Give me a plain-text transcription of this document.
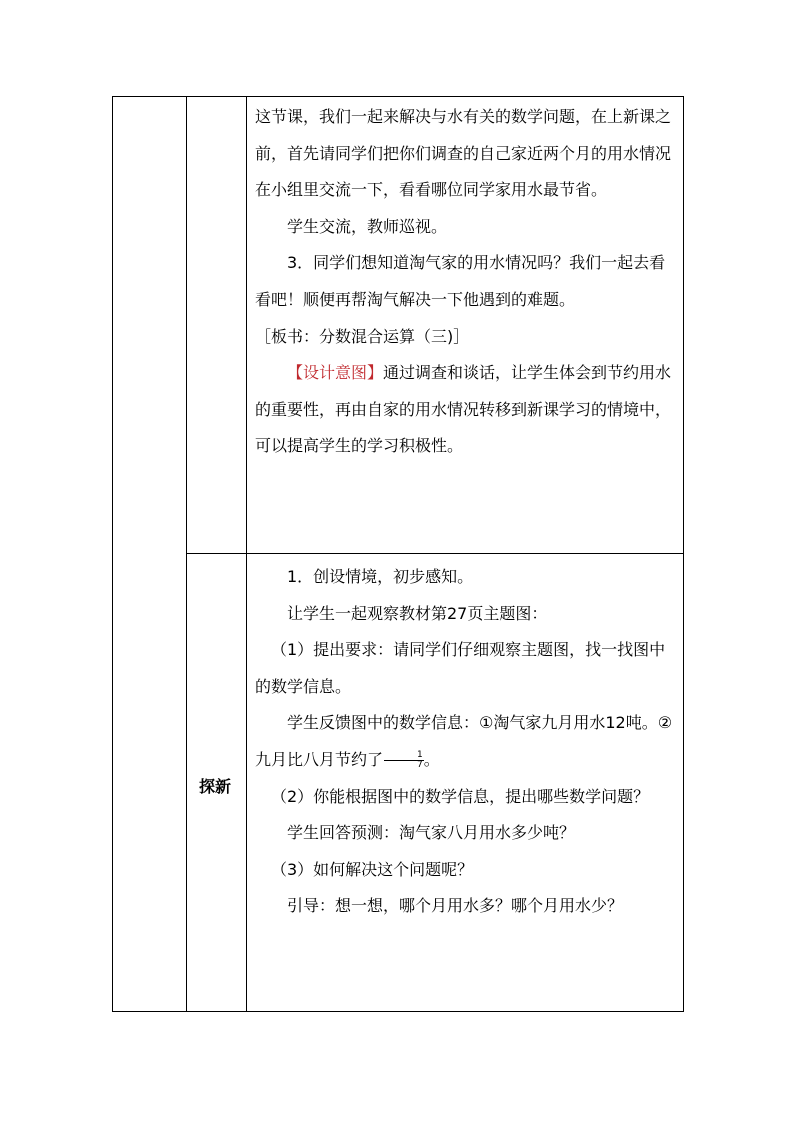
探新

这节课，我们一起来解决与水有关的数学问题，在上新课之前，首先请同学们把你们调查的自己家近两个月的用水情况在小组里交流一下，看看哪位同学家用水最节省。

学生交流，教师巡视。

3．同学们想知道淘气家的用水情况吗？我们一起去看看吧！顺便再帮淘气解决一下他遇到的难题。

［板书：分数混合运算（三)］

【设计意图】通过调查和谈话，让学生体会到节约用水的重要性，再由自家的用水情况转移到新课学习的情境中，可以提高学生的学习积极性。

1．创设情境，初步感知。

让学生一起观察教材第27页主题图：

（1）提出要求：请同学们仔细观察主题图，找一找图中的数学信息。

学生反馈图中的数学信息：①淘气家九月用水12吨。②九月比八月节约了 $\frac{1}{7}$ 。

（2）你能根据图中的数学信息，提出哪些数学问题？

学生回答预测：淘气家八月用水多少吨？

（3）如何解决这个问题呢？

引导：想一想，哪个月用水多？哪个月用水少？
